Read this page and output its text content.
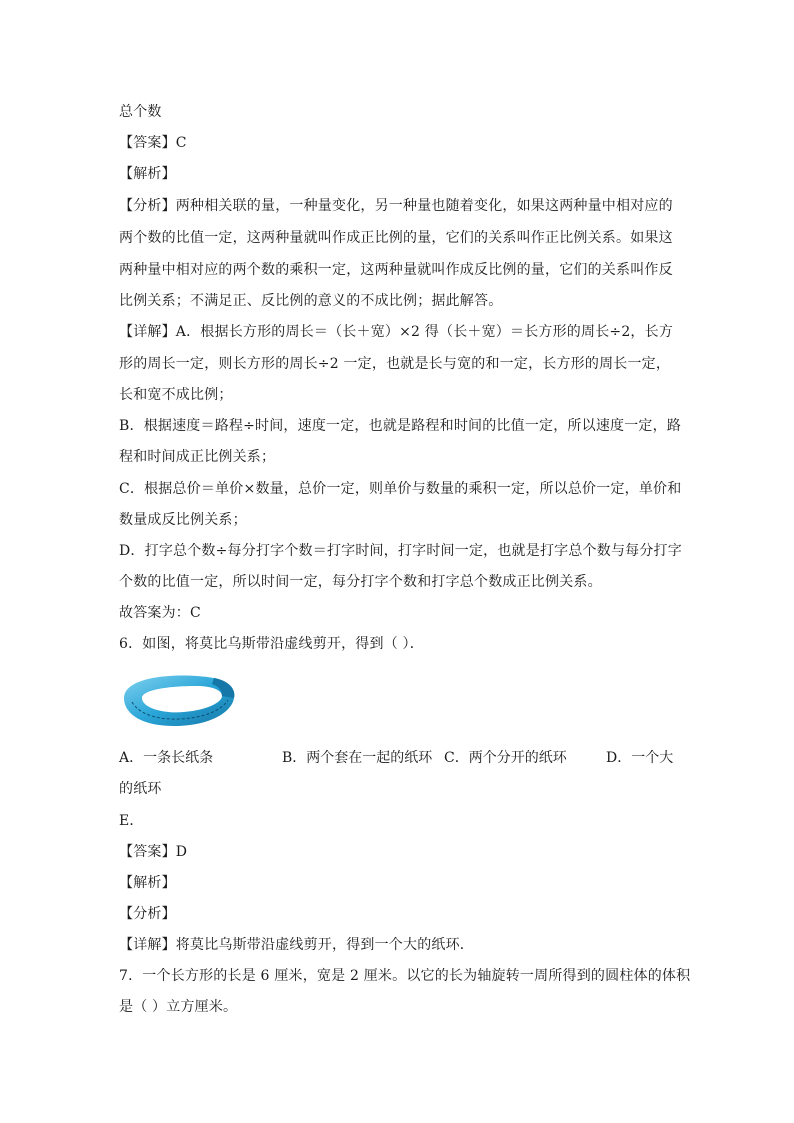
总个数
【答案】C
【解析】
【分析】两种相关联的量，一种量变化，另一种量也随着变化，如果这两种量中相对应的
两个数的比值一定，这两种量就叫作成正比例的量，它们的关系叫作正比例关系。如果这
两种量中相对应的两个数的乘积一定，这两种量就叫作成反比例的量，它们的关系叫作反
比例关系；不满足正、反比例的意义的不成比例；据此解答。
【详解】A．根据长方形的周长＝（长＋宽）×2 得（长＋宽）＝长方形的周长÷2，长方
形的周长一定，则长方形的周长÷2 一定，也就是长与宽的和一定，长方形的周长一定，
长和宽不成比例；
B．根据速度＝路程÷时间，速度一定，也就是路程和时间的比值一定，所以速度一定，路
程和时间成正比例关系；
C．根据总价＝单价×数量，总价一定，则单价与数量的乘积一定，所以总价一定，单价和
数量成反比例关系；
D．打字总个数÷每分打字个数＝打字时间，打字时间一定，也就是打字总个数与每分打字
个数的比值一定，所以时间一定，每分打字个数和打字总个数成正比例关系。
故答案为：C
6．如图，将莫比乌斯带沿虚线剪开，得到（ ）．
A．一条长纸条	B．两个套在一起的纸环 C．两个分开的纸环	D．一个大
的纸环
E．
【答案】D
【解析】
【分析】
【详解】将莫比乌斯带沿虚线剪开，得到一个大的纸环．
7．一个长方形的长是 6 厘米，宽是 2 厘米。以它的长为轴旋转一周所得到的圆柱体的体积
是（ ）立方厘米。
